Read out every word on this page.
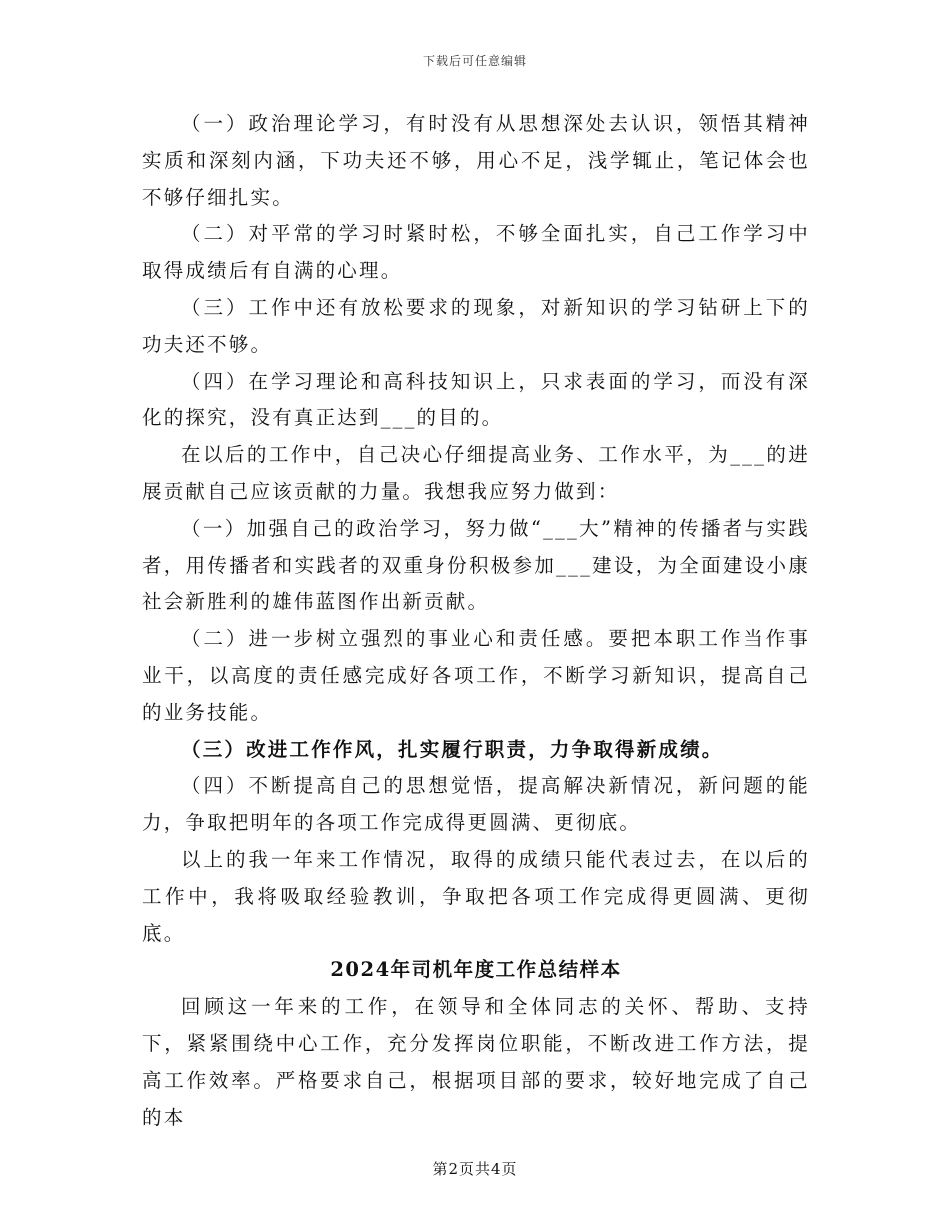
下载后可任意编辑

（一）政治理论学习，有时没有从思想深处去认识，领悟其精神实质和深刻内涵，下功夫还不够，用心不足，浅学辄止，笔记体会也不够仔细扎实。

（二）对平常的学习时紧时松，不够全面扎实，自己工作学习中取得成绩后有自满的心理。

（三）工作中还有放松要求的现象，对新知识的学习钻研上下的功夫还不够。

（四）在学习理论和高科技知识上，只求表面的学习，而没有深化的探究，没有真正达到___的目的。

在以后的工作中，自己决心仔细提高业务、工作水平，为___的进展贡献自己应该贡献的力量。我想我应努力做到：

（一）加强自己的政治学习，努力做“___大”精神的传播者与实践者，用传播者和实践者的双重身份积极参加___建设，为全面建设小康社会新胜利的雄伟蓝图作出新贡献。

（二）进一步树立强烈的事业心和责任感。要把本职工作当作事业干，以高度的责任感完成好各项工作，不断学习新知识，提高自己的业务技能。

（三）改进工作作风，扎实履行职责，力争取得新成绩。

（四）不断提高自己的思想觉悟，提高解决新情况，新问题的能力，争取把明年的各项工作完成得更圆满、更彻底。

以上的我一年来工作情况，取得的成绩只能代表过去，在以后的工作中，我将吸取经验教训，争取把各项工作完成得更圆满、更彻底。

2024年司机年度工作总结样本

回顾这一年来的工作，在领导和全体同志的关怀、帮助、支持下，紧紧围绕中心工作，充分发挥岗位职能，不断改进工作方法，提高工作效率。严格要求自己，根据项目部的要求，较好地完成了自己的本

第2页共4页
